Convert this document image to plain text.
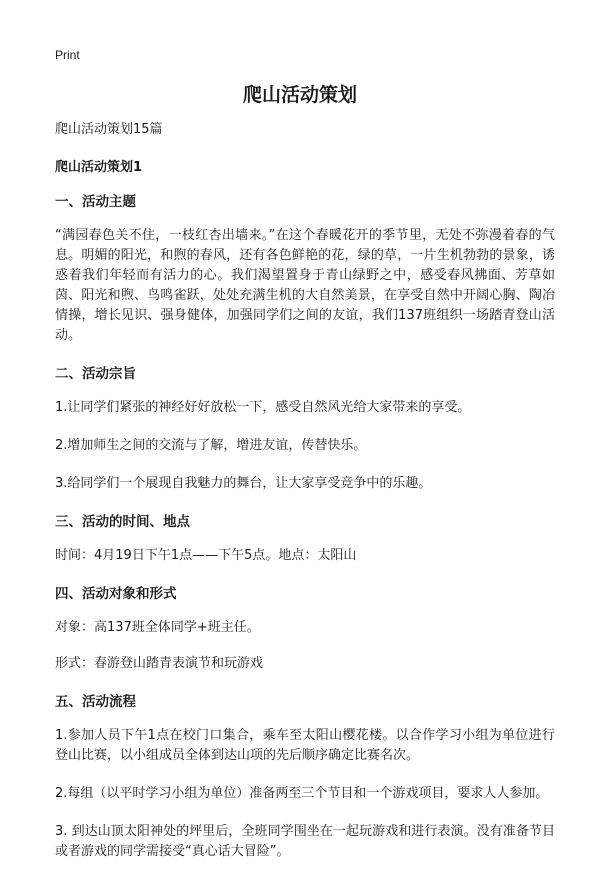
Print
爬山活动策划

爬山活动策划15篇

爬山活动策划1

一、活动主题

“满园春色关不住，一枝红杏出墙来。”在这个春暖花开的季节里，无处不弥漫着春的气息。明媚的阳光，和煦的春风，还有各色鲜艳的花，绿的草，一片生机勃勃的景象，诱惑着我们年轻而有活力的心。我们渴望置身于青山绿野之中，感受春风拂面、芳草如茵、阳光和煦、鸟鸣雀跃，处处充满生机的大自然美景，在享受自然中开阔心胸、陶冶情操，增长见识、强身健体，加强同学们之间的友谊，我们137班组织一场踏青登山活动。

二、活动宗旨

1.让同学们紧张的神经好好放松一下，感受自然风光给大家带来的享受。

2.增加师生之间的交流与了解，增进友谊，传替快乐。

3.给同学们一个展现自我魅力的舞台，让大家享受竞争中的乐趣。

三、活动的时间、地点

时间：4月19日下午1点——下午5点。地点：太阳山

四、活动对象和形式

对象：高137班全体同学+班主任。

形式：春游登山踏青表演节和玩游戏

五、活动流程

1.参加人员下午1点在校门口集合，乘车至太阳山樱花楼。以合作学习小组为单位进行登山比赛，以小组成员全体到达山项的先后顺序确定比赛名次。

2.每组（以平时学习小组为单位）准备两至三个节目和一个游戏项目，要求人人参加。

3. 到达山顶太阳神处的坪里后，全班同学围坐在一起玩游戏和进行表演。没有准备节目或者游戏的同学需接受“真心话大冒险”。
